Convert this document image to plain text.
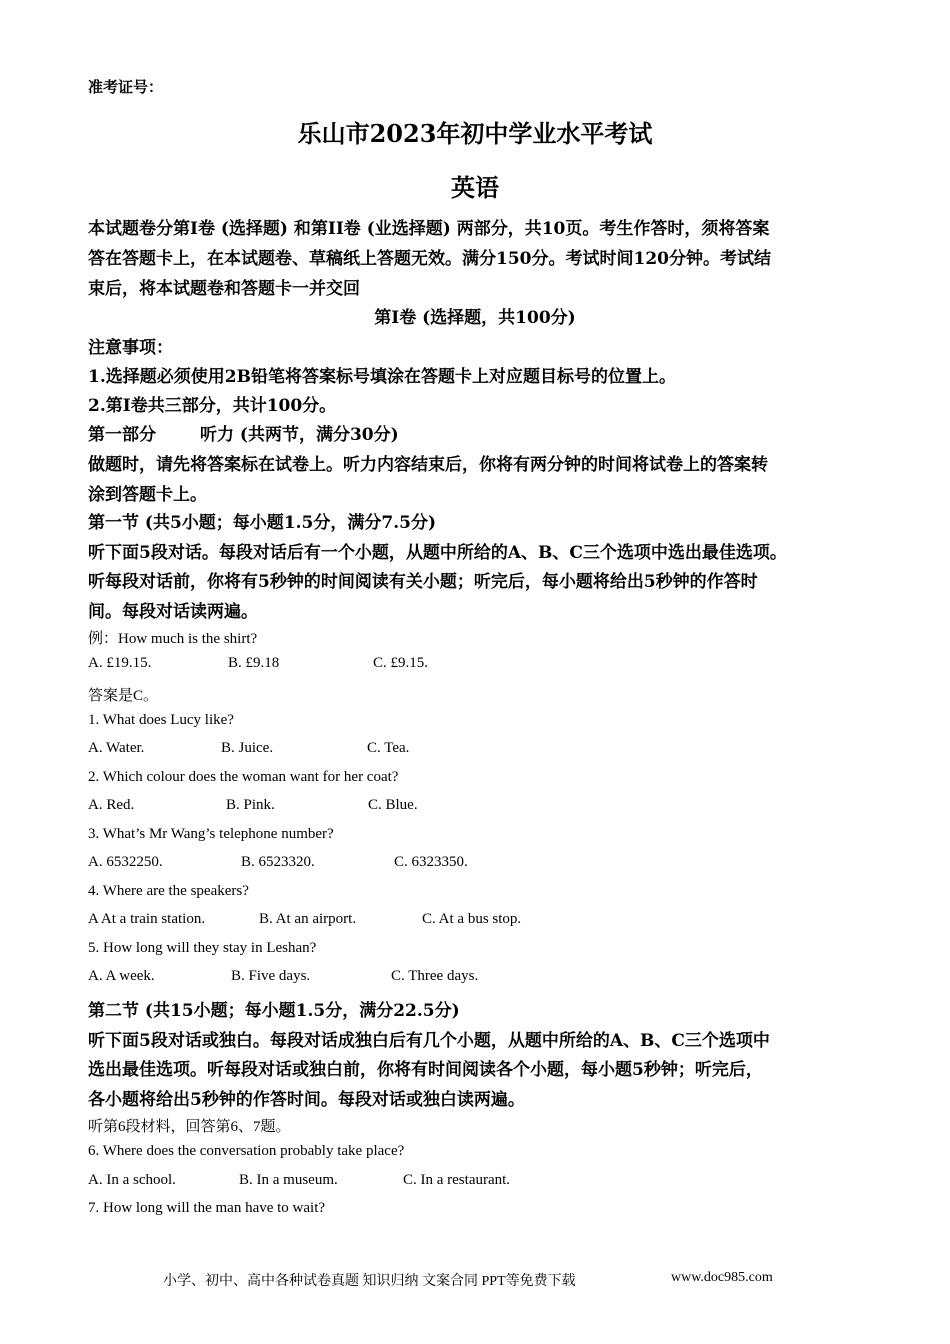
准考证号：
乐山市2023年初中学业水平考试
英语
本试题卷分第I卷 (选择题) 和第II卷 (业选择题) 两部分，共10页。考生作答时，须将答案
答在答题卡上，在本试题卷、草稿纸上答题无效。满分150分。考试时间120分钟。考试结
束后，将本试题卷和答题卡一并交回
第I卷 (选择题，共100分)
注意事项：
1.选择题必须使用2B铅笔将答案标号填涂在答题卡上对应题目标号的位置上。
2.第I卷共三部分，共计100分。
第一部分	听力 (共两节，满分30分)
做题时，请先将答案标在试卷上。听力内容结束后，你将有两分钟的时间将试卷上的答案转
涂到答题卡上。
第一节 (共5小题；每小题1.5分，满分7.5分)
听下面5段对话。每段对话后有一个小题，从题中所给的A、B、C三个选项中选出最佳选项。
听每段对话前，你将有5秒钟的时间阅读有关小题；听完后，每小题将给出5秒钟的作答时
间。每段对话读两遍。
例：How much is the shirt?
A. £19.15.	B. £9.18	C. £9.15.
答案是C。
1. What does Lucy like?
A. Water.	B. Juice.	C. Tea.
2. Which colour does the woman want for her coat?
A. Red.	B. Pink.	C. Blue.
3. What’s Mr Wang’s telephone number?
A. 6532250.	B. 6523320.	C. 6323350.
4. Where are the speakers?
A At a train station.	B. At an airport.	C. At a bus stop.
5. How long will they stay in Leshan?
A. A week.	B. Five days.	C. Three days.
第二节 (共15小题；每小题1.5分，满分22.5分)
听下面5段对话或独白。每段对话成独白后有几个小题，从题中所给的A、B、C三个选项中
选出最佳选项。听每段对话或独白前，你将有时间阅读各个小题，每小题5秒钟；听完后，
各小题将给出5秒钟的作答时间。每段对话或独白读两遍。
听第6段材料，回答第6、7题。
6. Where does the conversation probably take place?
A. In a school.	B. In a museum.	C. In a restaurant.
7. How long will the man have to wait?
小学、初中、高中各种试卷真题 知识归纳 文案合同 PPT等免费下载	www.doc985.com
